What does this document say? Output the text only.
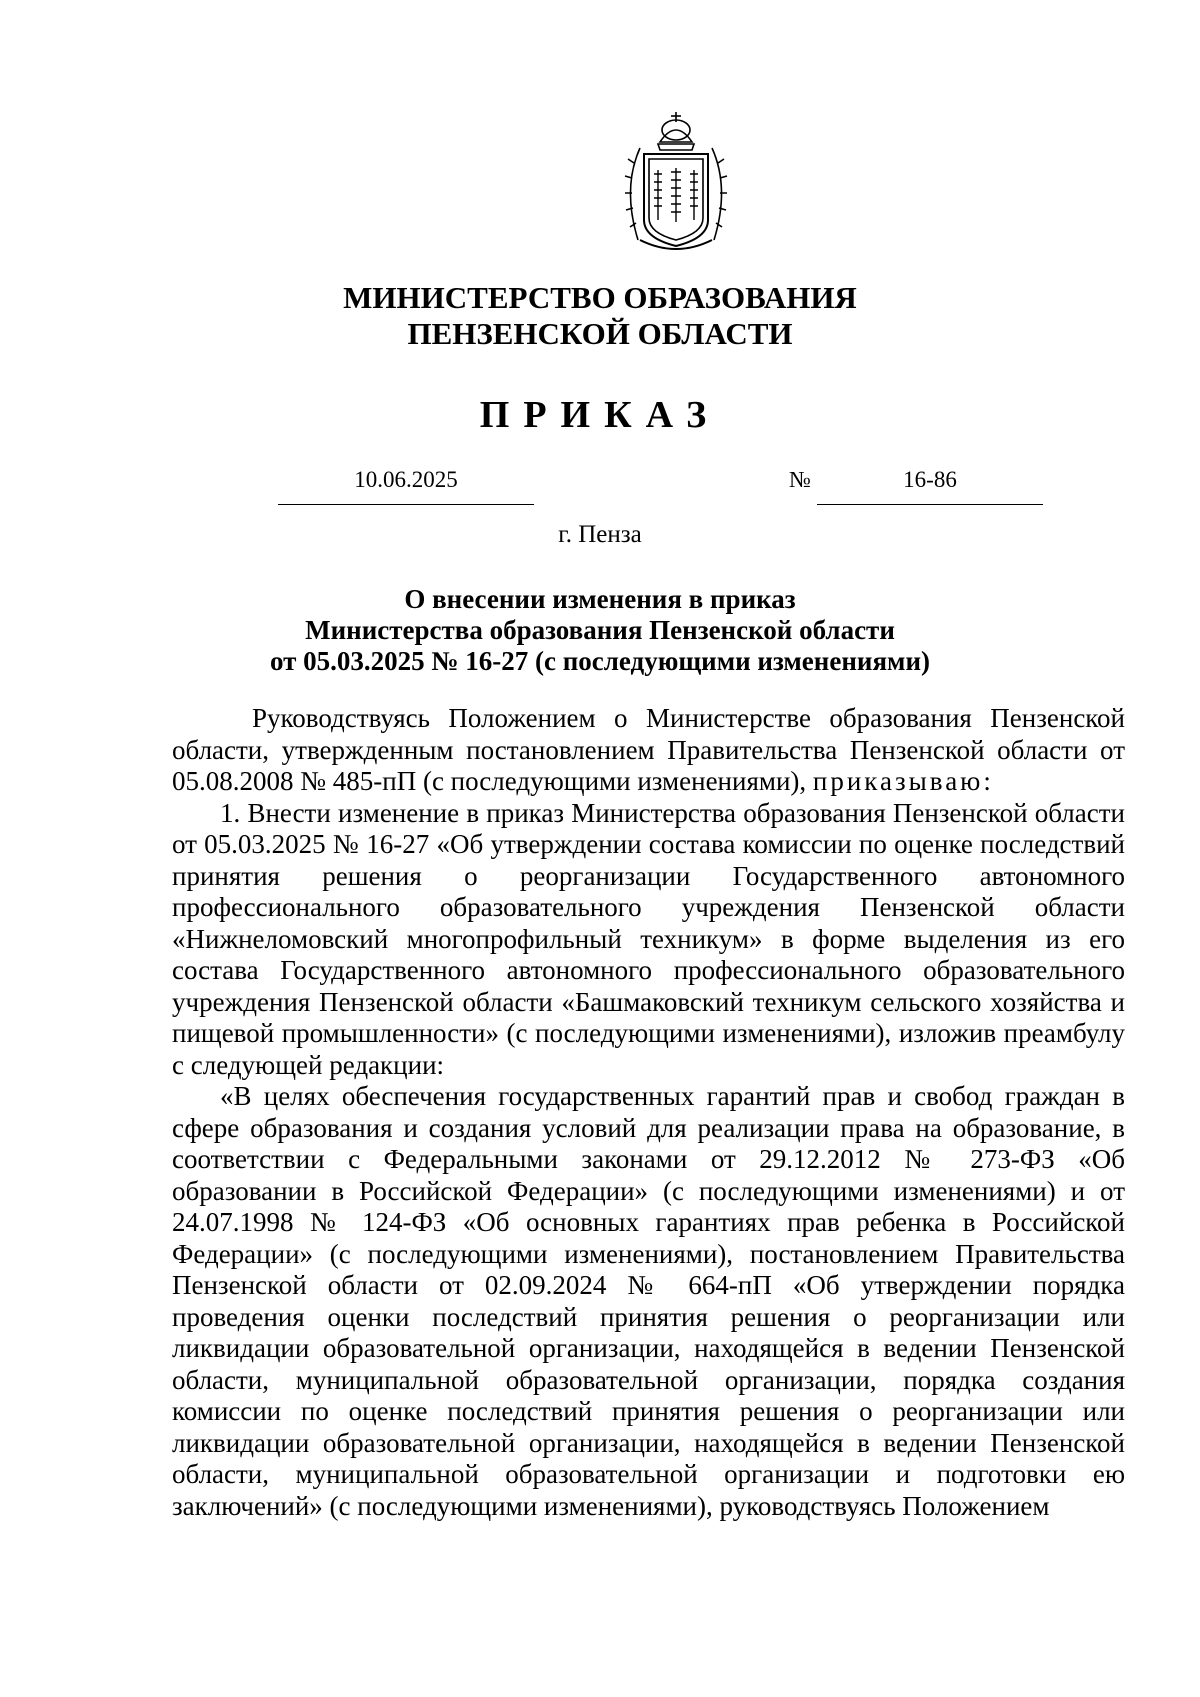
МИНИСТЕРСТВО ОБРАЗОВАНИЯ
ПЕНЗЕНСКОЙ ОБЛАСТИ
ПРИКАЗ
10.06.2025	№	16-86
г. Пенза
О внесении изменения в приказ
Министерства образования Пензенской области
от 05.03.2025 № 16-27 (с последующими изменениями)

Руководствуясь Положением о Министерстве образования Пензенской области, утвержденным постановлением Правительства Пензенской области от 05.08.2008 № 485-пП (с последующими изменениями), приказываю:

1. Внести изменение в приказ Министерства образования Пензенской области от 05.03.2025 № 16-27 «Об утверждении состава комиссии по оценке последствий принятия решения о реорганизации Государственного автономного профессионального образовательного учреждения Пензенской области «Нижнеломовский многопрофильный техникум» в форме выделения из его состава Государственного автономного профессионального образовательного учреждения Пензенской области «Башмаковский техникум сельского хозяйства и пищевой промышленности» (с последующими изменениями), изложив преамбулу с следующей редакции:

«В целях обеспечения государственных гарантий прав и свобод граждан в сфере образования и создания условий для реализации права на образование, в соответствии с Федеральными законами от 29.12.2012 № 273-ФЗ «Об образовании в Российской Федерации» (с последующими изменениями) и от 24.07.1998 № 124-ФЗ «Об основных гарантиях прав ребенка в Российской Федерации» (с последующими изменениями), постановлением Правительства Пензенской области от 02.09.2024 № 664-пП «Об утверждении порядка проведения оценки последствий принятия решения о реорганизации или ликвидации образовательной организации, находящейся в ведении Пензенской области, муниципальной образовательной организации, порядка создания комиссии по оценке последствий принятия решения о реорганизации или ликвидации образовательной организации, находящейся в ведении Пензенской области, муниципальной образовательной организации и подготовки ею заключений» (с последующими изменениями), руководствуясь Положением
